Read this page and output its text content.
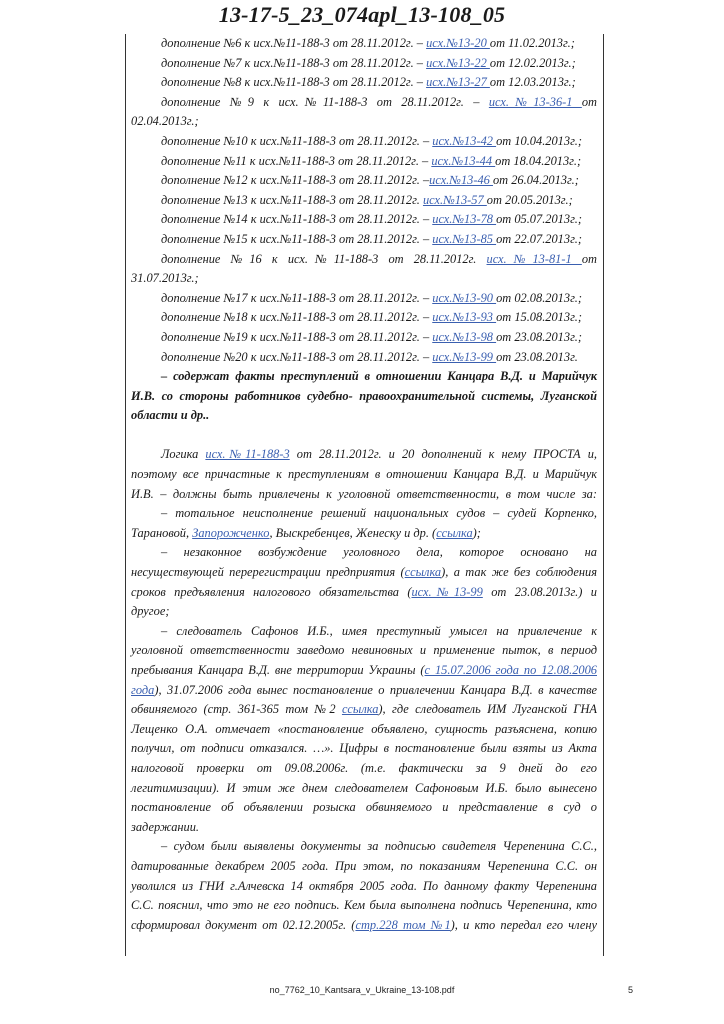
13-17-5_23_074apl_13-108_05
дополнение №6 к исх.№11-188-3 от 28.11.2012г. – исх.№13-20 от 11.02.2013г.;
дополнение №7 к исх.№11-188-3 от 28.11.2012г. – исх.№13-22 от 12.02.2013г.;
дополнение №8 к исх.№11-188-3 от 28.11.2012г. – исх.№13-27 от 12.03.2013г.;
дополнение №9 к исх.№11-188-3 от 28.11.2012г. – исх.№13-36-1 от
02.04.2013г.;
дополнение №10 к исх.№11-188-3 от 28.11.2012г. – исх.№13-42 от 10.04.2013г.;
дополнение №11 к исх.№11-188-3 от 28.11.2012г. – исх.№13-44 от 18.04.2013г.;
дополнение №12 к исх.№11-188-3 от 28.11.2012г. –исх.№13-46 от 26.04.2013г.;
дополнение №13 к исх.№11-188-3 от 28.11.2012г. исх.№13-57 от 20.05.2013г.;
дополнение №14 к исх.№11-188-3 от 28.11.2012г. – исх.№13-78 от 05.07.2013г.;
дополнение №15 к исх.№11-188-3 от 28.11.2012г. – исх.№13-85 от 22.07.2013г.;
дополнение №16 к исх.№11-188-3 от 28.11.2012г. исх.№13-81-1 от
31.07.2013г.;
дополнение №17 к исх.№11-188-3 от 28.11.2012г. – исх.№13-90 от 02.08.2013г.;
дополнение №18 к исх.№11-188-3 от 28.11.2012г. – исх.№13-93 от 15.08.2013г.;
дополнение №19 к исх.№11-188-3 от 28.11.2012г. – исх.№13-98 от 23.08.2013г.;
дополнение №20 к исх.№11-188-3 от 28.11.2012г. – исх.№13-99 от 23.08.2013г.
– содержат факты преступлений в отношении Канцара В.Д. и Марийчук
И.В. со стороны работников судебно- правоохранительной системы, Луганской
области и др..
Логика исх.№11-188-3 от 28.11.2012г. и 20 дополнений к нему ПРОСТА и,
поэтому все причастные к преступлениям в отношении Канцара В.Д. и Марийчук
И.В. – должны быть привлечены к уголовной ответственности, в том числе за:
– тотальное неисполнение решений национальных судов – судей Корпенко,
Тарановой, Запорожченко, Выскребенцев, Женеску и др. (ссылка);
– незаконное возбуждение уголовного дела, которое основано на
несуществующей перерегистрации предприятия (ссылка), а так же без соблюдения
сроков предъявления налогового обязательства (исх.№13-99 от 23.08.2013г.) и
другое;
– следователь Сафонов И.Б., имея преступный умысел на привлечение к
уголовной ответственности заведомо невиновных и применение пыток, в период
пребывания Канцара В.Д. вне территории Украины (с 15.07.2006 года по 12.08.2006
года), 31.07.2006 года вынес постановление о привлечении Канцара В.Д. в качестве
обвиняемого (стр. 361-365 том №2 ссылка), где следователь ИМ Луганской ГНА
Лещенко О.А. отмечает «постановление объявлено, сущность разъяснена, копию
получил, от подписи отказался. …». Цифры в постановление были взяты из Акта
налоговой проверки от 09.08.2006г. (т.е. фактически за 9 дней до его
легитимизации). И этим же днем следователем Сафоновым И.Б. было вынесено
постановление об объявлении розыска обвиняемого и представление в суд о
задержании.
– судом были выявлены документы за подписью свидетеля Черепенина С.С.,
датированные декабрем 2005 года. При этом, по показаниям Черепенина С.С. он
уволился из ГНИ г.Алчевска 14 октября 2005 года. По данному факту Черепенина
С.С. пояснил, что это не его подпись. Кем была выполнена подпись Черепенина, кто
сформировал документ от 02.12.2005г. (стр.228 том №1), и кто передал его члену
no_7762_10_Kantsara_v_Ukraine_13-108.pdf	5
